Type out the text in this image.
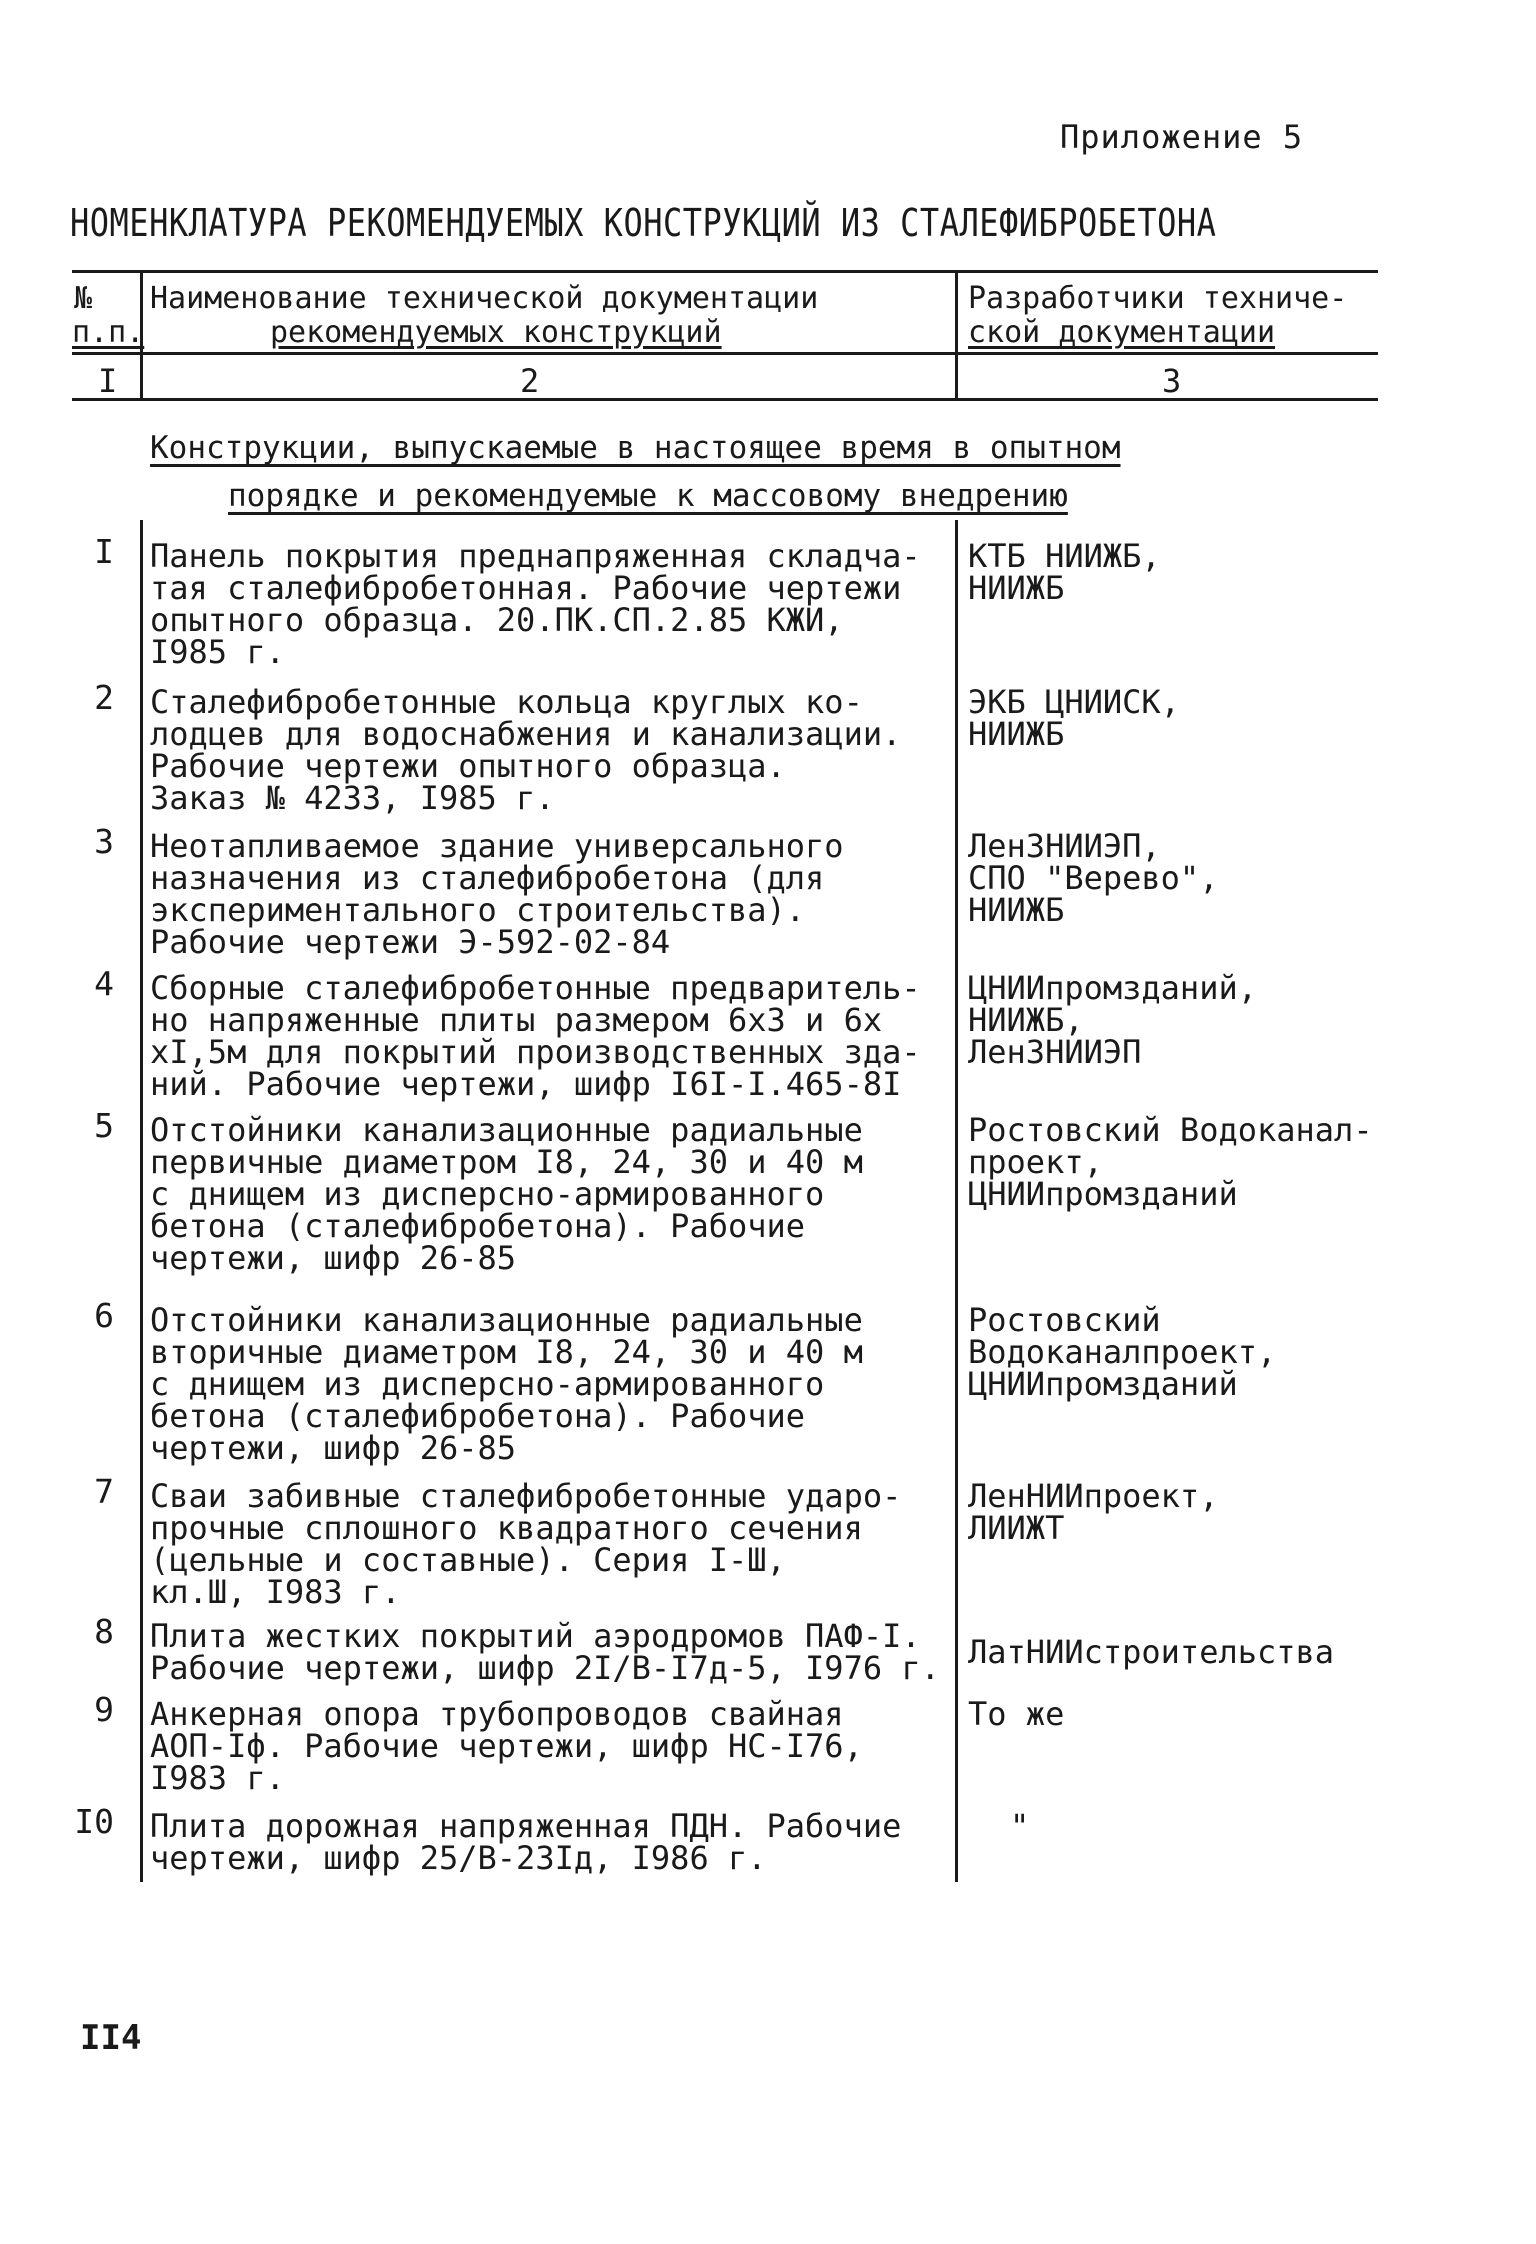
Приложение 5
НОМЕНКЛАТУРА РЕКОМЕНДУЕМЫХ КОНСТРУКЦИЙ ИЗ СТАЛЕФИБРОБЕТОНА
№
п.п.
Наименование технической документации
рекомендуемых конструкций
Разработчики техниче-
ской документации
I	2	3
Конструкции, выпускаемые в настоящее время в опытном
порядке и рекомендуемые к массовому внедрению
I Панель покрытия преднапряженная складча-
тая сталефибробетонная. Рабочие чертежи
опытного образца. 20.ПК.СП.2.85 КЖИ,
I985 г.
КТБ НИИЖБ,
НИИЖБ
2 Сталефибробетонные кольца круглых ко-
лодцев для водоснабжения и канализации.
Рабочие чертежи опытного образца.
Заказ № 4233, I985 г.
ЭКБ ЦНИИСК,
НИИЖБ
3 Неотапливаемое здание универсального
назначения из сталефибробетона (для
экспериментального строительства).
Рабочие чертежи Э-592-02-84
ЛенЗНИИЭП,
СПО "Верево",
НИИЖБ
4 Сборные сталефибробетонные предваритель-
но напряженные плиты размером 6х3 и 6х
хI,5м для покрытий производственных зда-
ний. Рабочие чертежи, шифр I6I-I.465-8I
ЦНИИпромзданий,
НИИЖБ,
ЛенЗНИИЭП
5 Отстойники канализационные радиальные
первичные диаметром I8, 24, 30 и 40 м
с днищем из дисперсно-армированного
бетона (сталефибробетона). Рабочие
чертежи, шифр 26-85
Ростовский Водоканал-
проект,
ЦНИИпромзданий
6 Отстойники канализационные радиальные
вторичные диаметром I8, 24, 30 и 40 м
с днищем из дисперсно-армированного
бетона (сталефибробетона). Рабочие
чертежи, шифр 26-85
Ростовский
Водоканалпроект,
ЦНИИпромзданий
7 Сваи забивные сталефибробетонные ударо-
прочные сплошного квадратного сечения
(цельные и составные). Серия I-Ш,
кл.Ш, I983 г.
ЛенНИИпроект,
ЛИИЖТ
8 Плита жестких покрытий аэродромов ПАФ-I.
Рабочие чертежи, шифр 2I/В-I7д-5, I976 г. ЛатНИИстроительства
9 Анкерная опора трубопроводов свайная
АОП-Iф. Рабочие чертежи, шифр НС-I76,
I983 г.
То же
I0 Плита дорожная напряженная ПДН. Рабочие
чертежи, шифр 25/В-23Iд, I986 г.
"
II4
